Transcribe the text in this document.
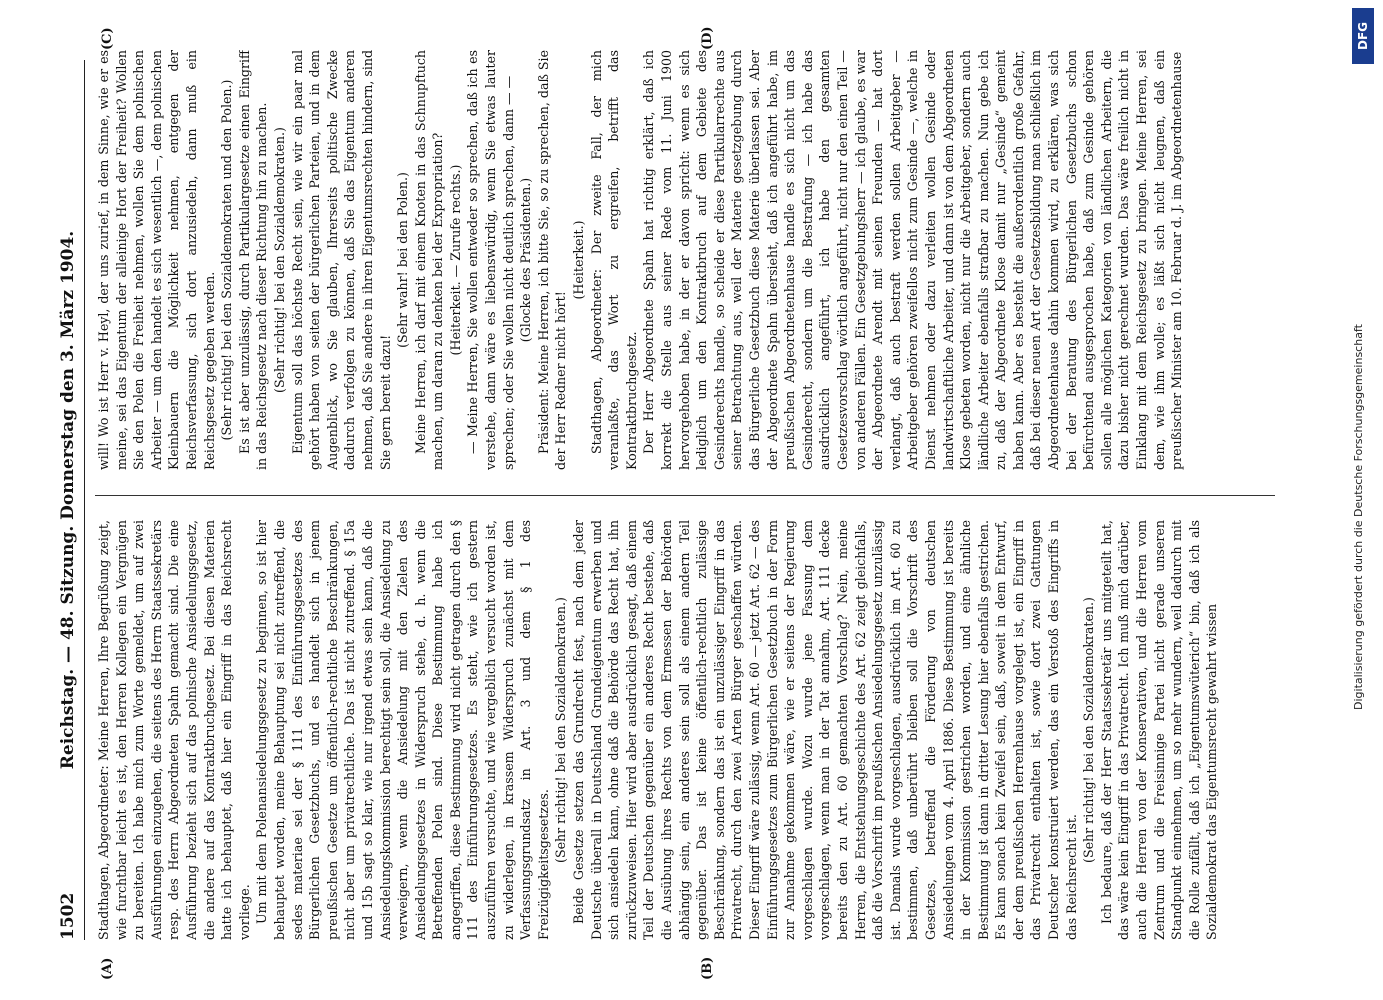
1502
Reichstag. — 48. Sitzung. Donnerstag den 3. März 1904. Stadthagen, Abgeordneter: Meine Herren, Ihre Begrüßung zeigt, wie furchtbar leicht es ist, den Herren Kollegen ein Vergnügen zu bereiten. Ich habe mich zum Worte gemeldet, um auf zwei Ausführungen einzugehen, die seitens des Herrn Staatssekretärs resp. des Herrn Abgeordneten Spahn gemacht sind. Die eine Ausführung bezieht sich auf das polnische Ansiedelungsgesetz, die andere auf das Kontraktbruchgesetz. Bei diesen Materien hatte ich behauptet, daß hier ein Eingriff in das Reichsrecht vorliege. Um mit dem Polenansiedelungsgesetz zu beginnen, so ist hier behauptet worden, meine Behauptung sei nicht zutreffend, die sedes materiae sei der § 111 des Einführungsgesetzes des Bürgerlichen Gesetzbuchs, und es handelt sich in jenem preußischen Gesetze um öffentlich-rechtliche Beschränkungen, nicht aber um privatrechtliche. Das ist nicht zutreffend. § 15a und 15b sagt so klar, wie nur irgend etwas sein kann, daß die Ansiedelungskommission berechtigt sein soll, die Ansiedelung zu verweigern, wenn die Ansiedelung mit den Zielen des Ansiedelungsgesetzes in Widerspruch stehe, d. h. wenn die Betreffenden Polen sind. Diese Bestimmung habe ich angegriffen, diese Bestimmung wird nicht getragen durch den § 111 des Einführungsgesetzes. Es steht, wie ich gestern auszuführen versuchte, und wie vergeblich versucht worden ist, zu widerlegen, in krassem Widerspruch zunächst mit dem Verfassungsgrundsatz in Art. 3 und dem § 1 des Freizügigkeitsgesetzes.

(Sehr richtig! bei den Sozialdemokraten.) Beide Gesetze setzen das Grundrecht fest, nach dem jeder Deutsche überall in Deutschland Grundeigentum erwerben und sich ansiedeln kann, ohne daß die Behörde das Recht hat, ihn zurückzuweisen. Hier wird aber ausdrücklich gesagt, daß einem Teil der Deutschen gegenüber ein anderes Recht bestehe, daß die Ausübung ihres Rechts von dem Ermessen der Behörden abhängig sein, ein anderes sein soll als einem andern Teil gegenüber. Das ist keine öffentlich-rechtlich zulässige Beschränkung, sondern das ist ein unzulässiger Eingriff in das Privatrecht, durch den zwei Arten Bürger geschaffen würden. Dieser Eingriff wäre zulässig, wenn Art. 60 — jetzt Art. 62 — des Einführungsgesetzes zum Bürgerlichen Gesetzbuch in der Form zur Annahme gekommen wäre, wie er seitens der Regierung vorgeschlagen wurde. Wozu wurde jene Fassung dem vorgeschlagen, wenn man in der Tat annahm, Art. 111 decke bereits den zu Art. 60 gemachten Vorschlag? Nein, meine Herren, die Entstehungsgeschichte des Art. 62 zeigt gleichfalls, daß die Vorschrift im preußischen Ansiedelungsgesetz unzulässig ist. Damals wurde vorgeschlagen, ausdrücklich im Art. 60 zu bestimmen, daß unberührt bleiben soll die Vorschrift des Gesetzes, betreffend die Förderung von deutschen Ansiedelungen vom 4. April 1886. Diese Bestimmung ist bereits in der Kommission gestrichen worden, und eine ähnliche Bestimmung ist dann in dritter Lesung hier ebenfalls gestrichen. Es kann sonach kein Zweifel sein, daß, soweit in dem Entwurf, der dem preußischen Herrenhause vorgelegt ist, ein Eingriff in das Privatrecht enthalten ist, sowie dort zwei Gattungen Deutscher konstruiert werden, das ein Verstoß des Eingriffs in das Reichsrecht ist.

(Sehr richtig! bei den Sozialdemokraten.) Ich bedaure, daß der Herr Staatssekretär uns mitgeteilt hat, das wäre kein Eingriff in das Privatrecht. Ich muß mich darüber, auch die Herren von der Konservativen, und die Herren vom Zentrum und die Freisinnige Partei nicht gerade unseren Standpunkt einnehmen, um so mehr wundern, weil dadurch mit die Rolle zufällt, daß ich „Eigentumswüterich“ bin, daß ich als Sozialdemokrat das Eigentumsrecht gewahrt wissen

will! Wo ist Herr v. Heyl, der uns zurief, in dem Sinne, wie er es meine, sei das Eigentum der alleinige Hort der Freiheit? Wollen Sie den Polen die Freiheit nehmen, wollen Sie dem polnischen Arbeiter — um den handelt es sich wesentlich —, dem polnischen Kleinbauern die Möglichkeit nehmen, entgegen der Reichsverfassung, sich dort anzusiedeln, dann muß ein Reichsgesetz gegeben werden. (Sehr richtig! bei den Sozialdemokraten und den Polen.) Es ist aber unzulässig, durch Partikulargesetze einen Eingriff in das Reichsgesetz nach dieser Richtung hin zu machen. (Sehr richtig! bei den Sozialdemokraten.) Eigentum soll das höchste Recht sein, wie wir ein paar mal gehört haben von seiten der bürgerlichen Parteien, und in dem Augenblick, wo Sie glauben, Ihrerseits politische Zwecke dadurch verfolgen zu können, daß Sie das Eigentum anderen nehmen, daß Sie andere in ihren Eigentumsrechten hindern, sind Sie gern bereit dazu!

(Sehr wahr! bei den Polen.) Meine Herren, ich darf mit einem Knoten in das Schnupftuch machen, um daran zu denken bei der Expropriation? (Heiterkeit. — Zurufe rechts.) — Meine Herren, Sie wollen entweder so sprechen, daß ich es verstehe, dann wäre es liebenswürdig, wenn Sie etwas lauter sprechen; oder Sie wollen nicht deutlich sprechen, dann — — (Glocke des Präsidenten.) Präsident: Meine Herren, ich bitte Sie, so zu sprechen, daß Sie der Herr Redner nicht hört!

(Heiterkeit.) Stadthagen, Abgeordneter: Der zweite Fall, der mich veranlaßte, das Wort zu ergreifen, betrifft das Kontraktbruchgesetz. Der Herr Abgeordnete Spahn hat richtig erklärt, daß ich korrekt die Stelle aus seiner Rede vom 11. Juni 1900 hervorgehoben habe, in der er davon spricht: wenn es sich lediglich um den Kontraktbruch auf dem Gebiete des Gesinderechts handle, so scheide er diese Partikularrechte aus seiner Betrachtung aus, weil der Materie gesetzgebung durch das Bürgerliche Gesetzbuch diese Materie überlassen sei. Aber der Abgeordnete Spahn übersieht, daß ich angeführt habe, im preußischen Abgeordnetenhause handle es sich nicht um das Gesinderecht, sondern um die Bestrafung — ich habe das ausdrücklich angeführt, ich habe den gesamten Gesetzesvorschlag wörtlich angeführt, nicht nur den einen Teil — von anderen Fällen. Ein Gesetzgebungsherr — ich glaube, es war der Abgeordnete Arendt mit seinen Freunden — hat dort verlangt, daß auch bestraft werden sollen Arbeitgeber — Arbeitgeber gehören zweifellos nicht zum Gesinde —, welche in Dienst nehmen oder dazu verleiten wollen Gesinde oder landwirtschaftliche Arbeiter, und dann ist von dem Abgeordneten Klose gebeten worden, nicht nur die Arbeitgeber, sondern auch ländliche Arbeiter ebenfalls strafbar zu machen. Nun gebe ich zu, daß der Abgeordnete Klose damit nur „Gesinde“ gemeint haben kann. Aber es besteht die außerordentlich große Gefahr, daß bei dieser neuen Art der Gesetzesbildung man schließlich im Abgeordnetenhause dahin kommen wird, zu erklären, was sich bei der Beratung des Bürgerlichen Gesetzbuchs schon befürchtend ausgesprochen habe, daß zum Gesinde gehören sollen alle möglichen Kategorien von ländlichen Arbeitern, die dazu bisher nicht gerechnet wurden. Das wäre freilich nicht in Einklang mit dem Reichsgesetz zu bringen. Meine Herren, sei dem, wie ihm wolle; es läßt sich nicht leugnen, daß ein preußischer Minister am 10. Februar d. J. im Abgeordnetenhause

(A)	(B)
(C)	(D)	DFG
Digitalisierung gefördert durch die Deutsche Forschungsgemeinschaft
